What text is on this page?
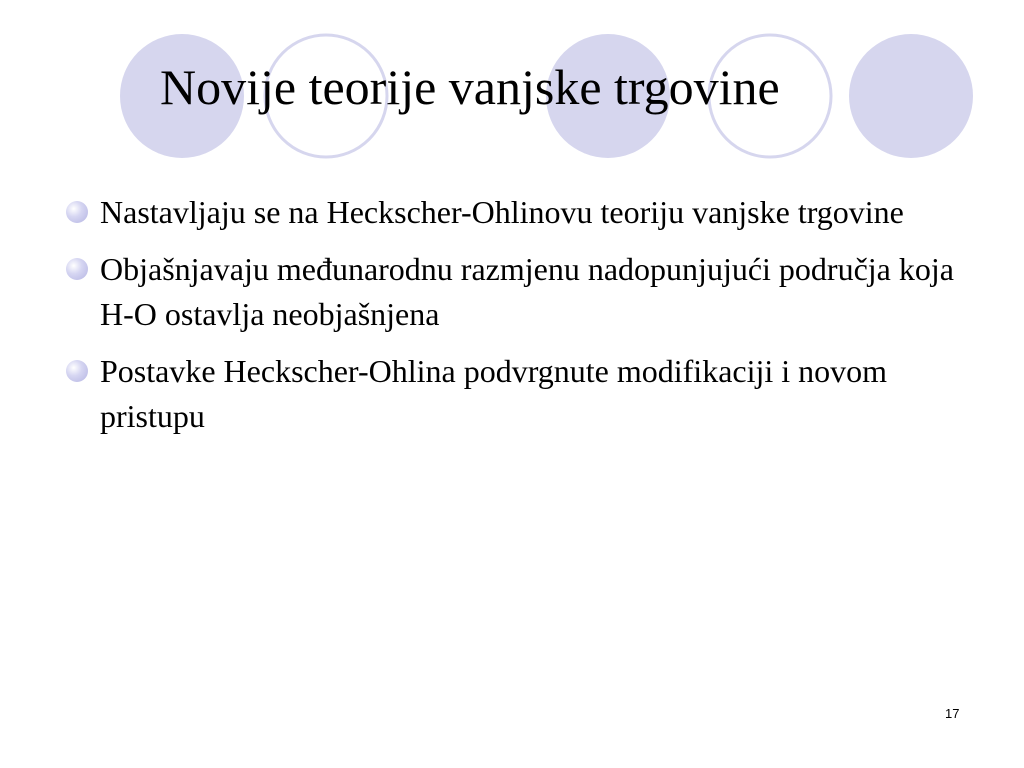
Novije teorije vanjske trgovine
Nastavljaju se na Heckscher-Ohlinovu teoriju vanjske trgovine
Objašnjavaju međunarodnu razmjenu nadopunjujući područja koja H-O ostavlja neobjašnjena
Postavke Heckscher-Ohlina podvrgnute modifikaciji i novom pristupu
17
